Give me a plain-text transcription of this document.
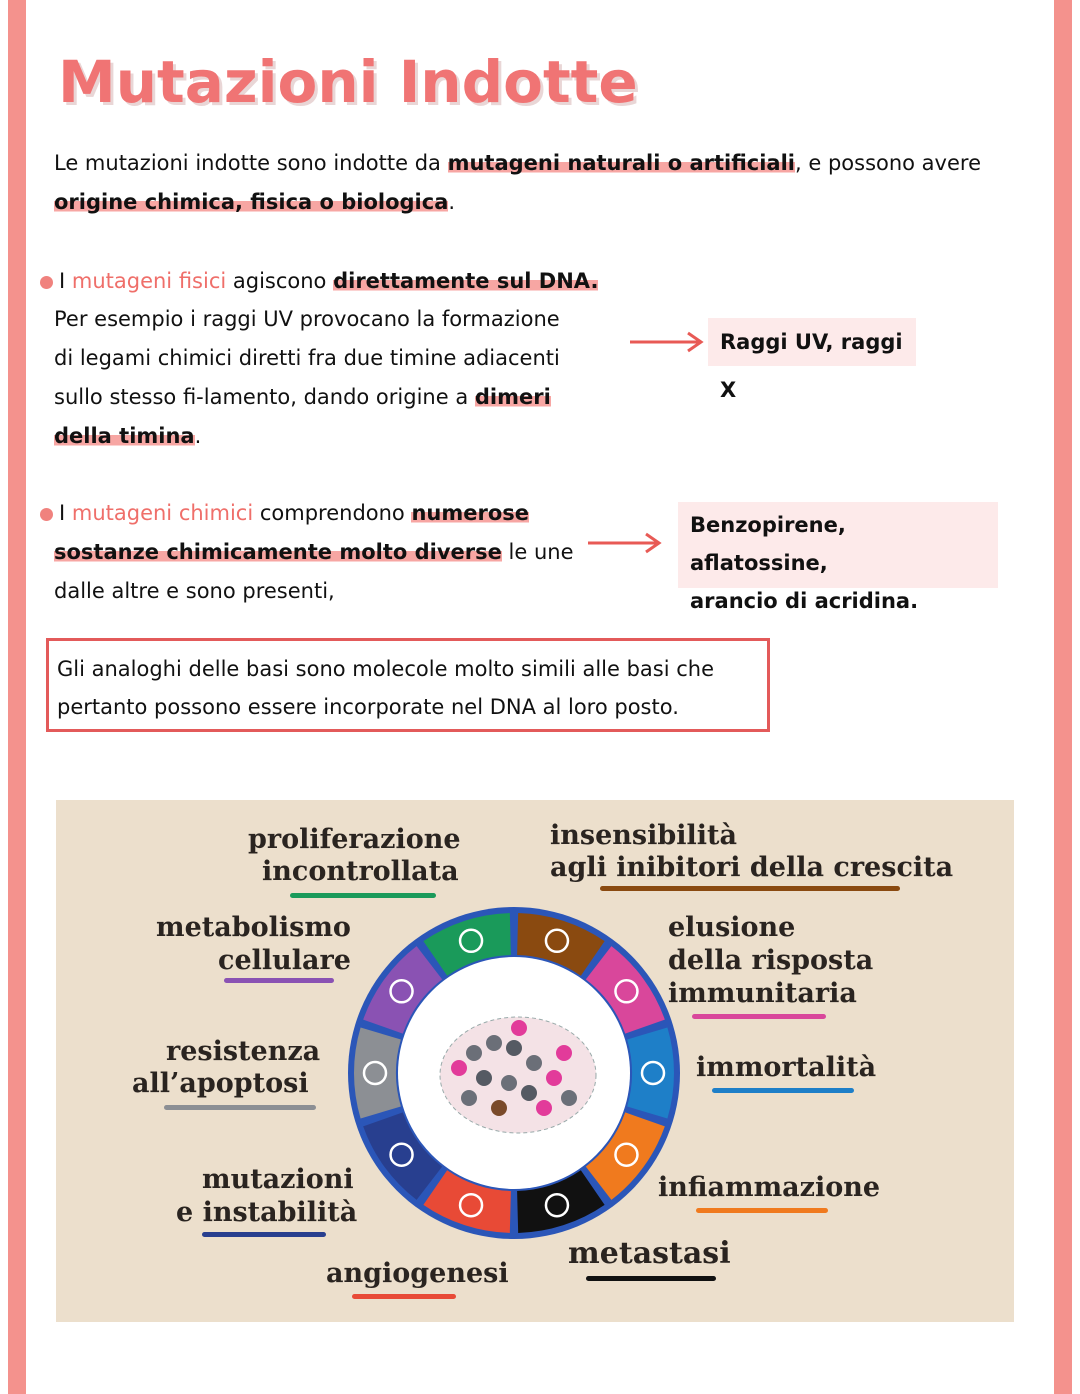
Mutazioni Indotte
Le mutazioni indotte sono indotte da mutageni naturali o artificiali, e possono avere
origine chimica, fisica o biologica.
I mutageni fisici agiscono direttamente sul DNA.
Per esempio i raggi UV provocano la formazione
di legami chimici diretti fra due timine adiacenti
sullo stesso fi-lamento, dando origine a dimeri
della timina.
Raggi UV, raggi X
I mutageni chimici comprendono numerose
sostanze chimicamente molto diverse le une
dalle altre e sono presenti,
Benzopirene, aflatossine,
arancio di acridina.
Gli analoghi delle basi sono molecole molto simili alle basi che
pertanto possono essere incorporate nel DNA al loro posto.
proliferazione
incontrollata
insensibilità
agli inibitori della crescita
metabolismo
cellulare
elusione
della risposta
immunitaria
resistenza
all’apoptosi
immortalità
mutazioni
e instabilità
infiammazione
angiogenesi
metastasi
